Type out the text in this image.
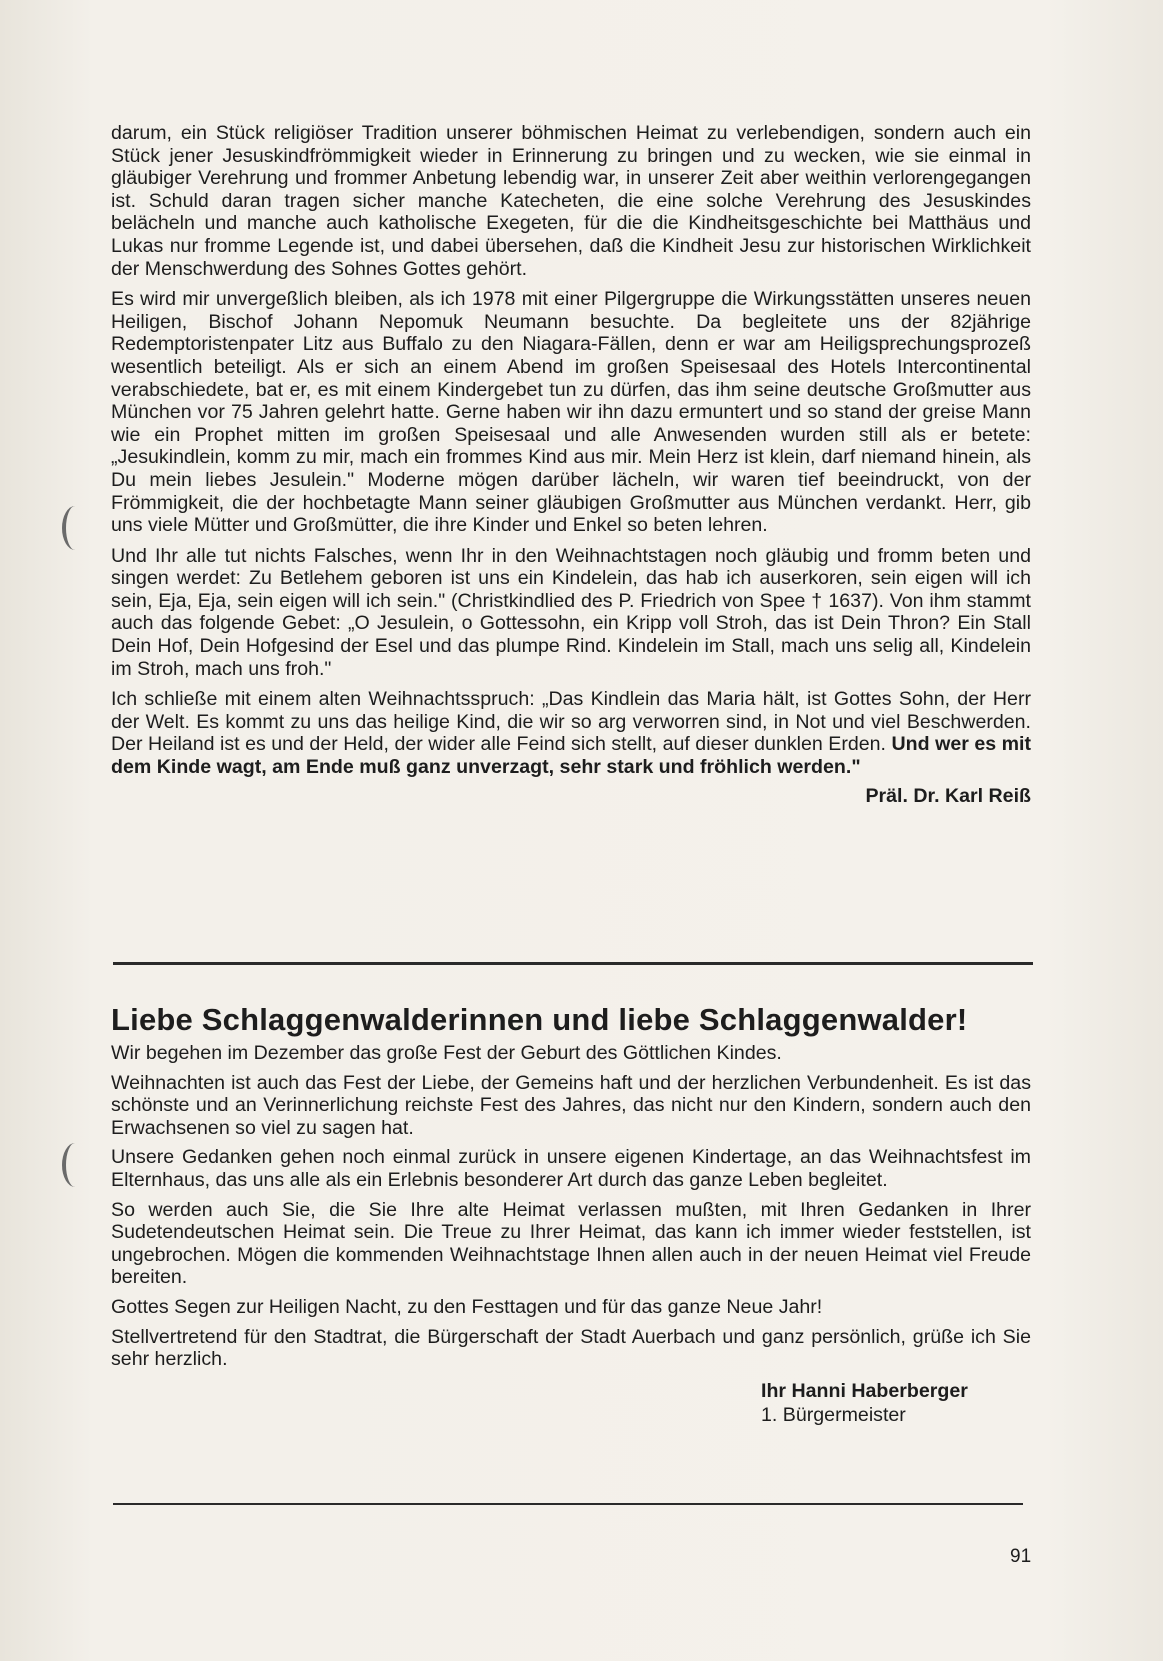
darum, ein Stück religiöser Tradition unserer böhmischen Heimat zu verlebendigen, sondern auch ein Stück jener Jesuskindfrömmigkeit wieder in Erinnerung zu bringen und zu wecken, wie sie einmal in gläubiger Verehrung und frommer Anbetung lebendig war, in unserer Zeit aber weithin verlorengegangen ist. Schuld daran tragen sicher manche Katecheten, die eine solche Verehrung des Jesuskindes belächeln und manche auch katholische Exegeten, für die die Kindheitsgeschichte bei Matthäus und Lukas nur fromme Legende ist, und dabei übersehen, daß die Kindheit Jesu zur historischen Wirklichkeit der Menschwerdung des Sohnes Gottes gehört.

Es wird mir unvergeßlich bleiben, als ich 1978 mit einer Pilgergruppe die Wirkungsstätten unseres neuen Heiligen, Bischof Johann Nepomuk Neumann besuchte. Da begleitete uns der 82jährige Redemptoristenpater Litz aus Buffalo zu den Niagara-Fällen, denn er war am Heiligsprechungsprozeß wesentlich beteiligt. Als er sich an einem Abend im großen Speisesaal des Hotels Intercontinental verabschiedete, bat er, es mit einem Kindergebet tun zu dürfen, das ihm seine deutsche Großmutter aus München vor 75 Jahren gelehrt hatte. Gerne haben wir ihn dazu ermuntert und so stand der greise Mann wie ein Prophet mitten im großen Speisesaal und alle Anwesenden wurden still als er betete: „Jesukindlein, komm zu mir, mach ein frommes Kind aus mir. Mein Herz ist klein, darf niemand hinein, als Du mein liebes Jesulein." Moderne mögen darüber lächeln, wir waren tief beeindruckt, von der Frömmigkeit, die der hochbetagte Mann seiner gläubigen Großmutter aus München verdankt. Herr, gib uns viele Mütter und Großmütter, die ihre Kinder und Enkel so beten lehren.

Und Ihr alle tut nichts Falsches, wenn Ihr in den Weihnachtstagen noch gläubig und fromm beten und singen werdet: Zu Betlehem geboren ist uns ein Kindelein, das hab ich auserkoren, sein eigen will ich sein, Eja, Eja, sein eigen will ich sein." (Christkindlied des P. Friedrich von Spee † 1637). Von ihm stammt auch das folgende Gebet: „O Jesulein, o Gottessohn, ein Kripp voll Stroh, das ist Dein Thron? Ein Stall Dein Hof, Dein Hofgesind der Esel und das plumpe Rind. Kindelein im Stall, mach uns selig all, Kindelein im Stroh, mach uns froh."

Ich schließe mit einem alten Weihnachtsspruch: „Das Kindlein das Maria hält, ist Gottes Sohn, der Herr der Welt. Es kommt zu uns das heilige Kind, die wir so arg verworren sind, in Not und viel Beschwerden. Der Heiland ist es und der Held, der wider alle Feind sich stellt, auf dieser dunklen Erden. Und wer es mit dem Kinde wagt, am Ende muß ganz unverzagt, sehr stark und fröhlich werden."

Präl. Dr. Karl Reiß
Liebe Schlaggenwalderinnen und liebe Schlaggenwalder!

Wir begehen im Dezember das große Fest der Geburt des Göttlichen Kindes.

Weihnachten ist auch das Fest der Liebe, der Gemeins haft und der herzlichen Verbundenheit. Es ist das schönste und an Verinnerlichung reichste Fest des Jahres, das nicht nur den Kindern, sondern auch den Erwachsenen so viel zu sagen hat.

Unsere Gedanken gehen noch einmal zurück in unsere eigenen Kindertage, an das Weihnachtsfest im Elternhaus, das uns alle als ein Erlebnis besonderer Art durch das ganze Leben begleitet.

So werden auch Sie, die Sie Ihre alte Heimat verlassen mußten, mit Ihren Gedanken in Ihrer Sudetendeutschen Heimat sein. Die Treue zu Ihrer Heimat, das kann ich immer wieder feststellen, ist ungebrochen. Mögen die kommenden Weihnachtstage Ihnen allen auch in der neuen Heimat viel Freude bereiten.

Gottes Segen zur Heiligen Nacht, zu den Festtagen und für das ganze Neue Jahr!

Stellvertretend für den Stadtrat, die Bürgerschaft der Stadt Auerbach und ganz persönlich, grüße ich Sie sehr herzlich.

Ihr Hanni Haberberger
1. Bürgermeister
91
